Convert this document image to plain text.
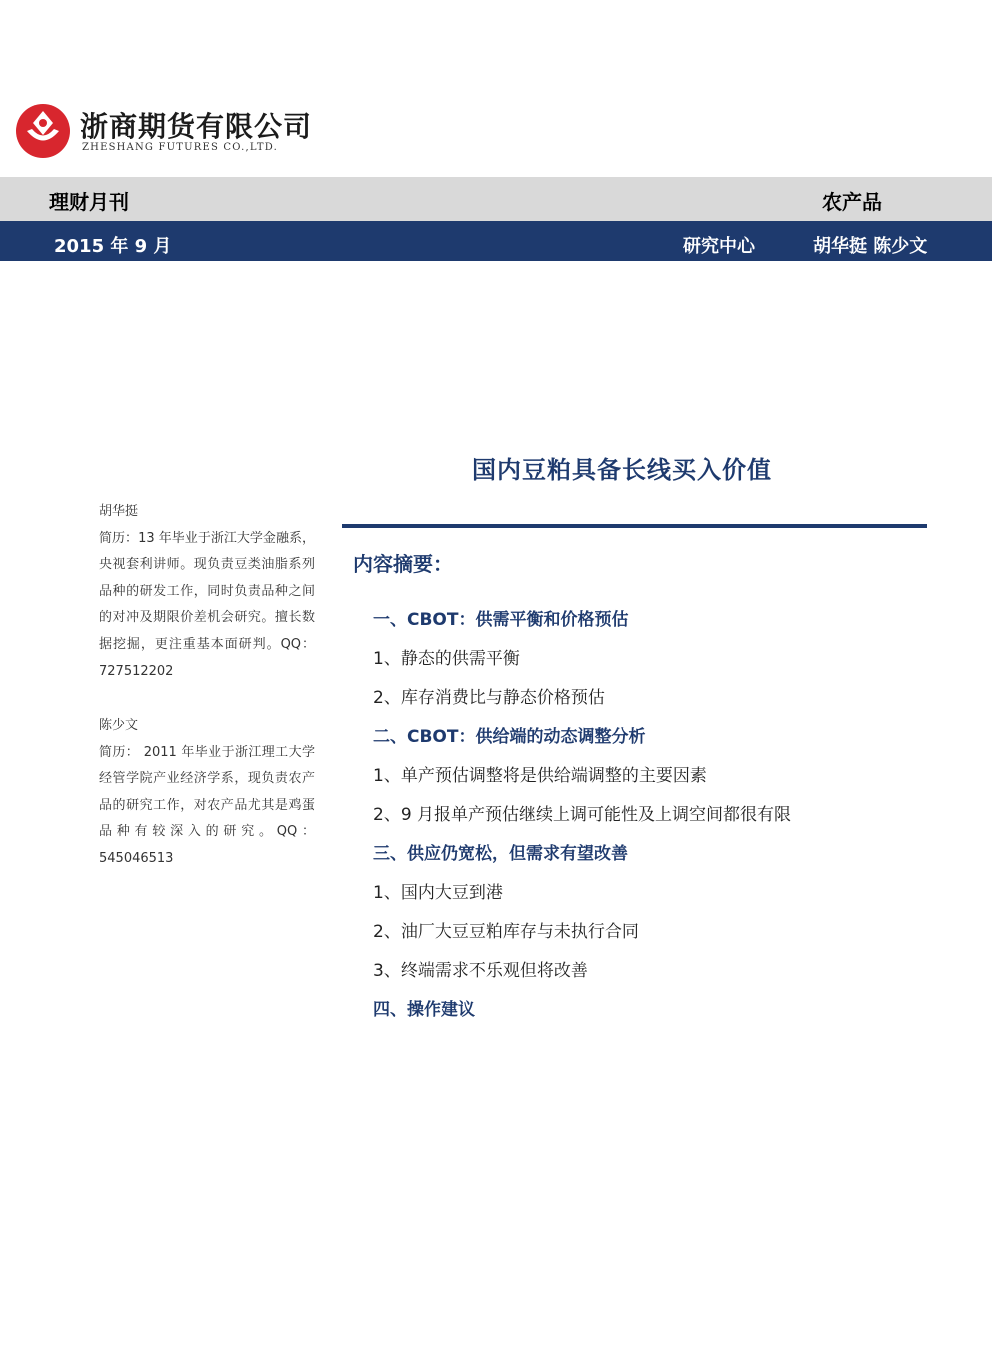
浙商期货有限公司
ZHESHANG FUTURES CO.,LTD.
理财月刊	农产品
2015 年 9 月	研究中心	胡华挺 陈少文
国内豆粕具备长线买入价值
胡华挺
简历：13 年毕业于浙江大学金融系，央视套利讲师。现负责豆类油脂系列品种的研发工作，同时负责品种之间的对冲及期限价差机会研究。擅长数据挖掘，更注重基本面研判。QQ：727512202
陈少文
简历： 2011 年毕业于浙江理工大学经管学院产业经济学系，现负责农产品的研究工作，对农产品尤其是鸡蛋品种有较深入的研究。QQ：545046513
内容摘要：
一、CBOT：供需平衡和价格预估
1、静态的供需平衡
2、库存消费比与静态价格预估
二、CBOT：供给端的动态调整分析
1、单产预估调整将是供给端调整的主要因素
2、9 月报单产预估继续上调可能性及上调空间都很有限
三、供应仍宽松，但需求有望改善
1、国内大豆到港
2、油厂大豆豆粕库存与未执行合同
3、终端需求不乐观但将改善
四、操作建议
